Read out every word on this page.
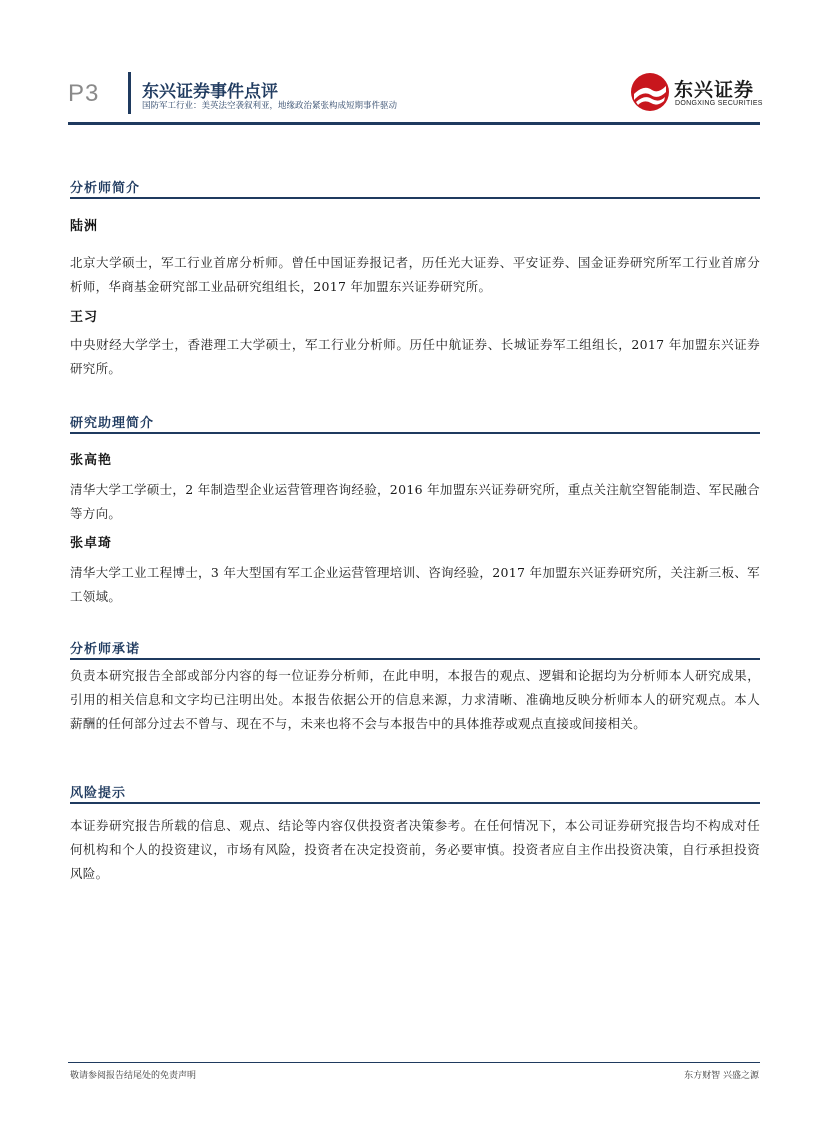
P3	东兴证券事件点评
国防军工行业：美英法空袭叙利亚，地缘政治紧张构成短期事件驱动
东兴证券
DONGXING SECURITIES
分析师简介
陆洲
北京大学硕士，军工行业首席分析师。曾任中国证券报记者，历任光大证券、平安证券、国金证券研究所军工行业首席分析师，华商基金研究部工业品研究组组长，2017 年加盟东兴证券研究所。
王习
中央财经大学学士，香港理工大学硕士，军工行业分析师。历任中航证券、长城证券军工组组长，2017 年加盟东兴证券研究所。
研究助理简介
张高艳
清华大学工学硕士，2 年制造型企业运营管理咨询经验，2016 年加盟东兴证券研究所，重点关注航空智能制造、军民融合等方向。
张卓琦
清华大学工业工程博士，3 年大型国有军工企业运营管理培训、咨询经验，2017 年加盟东兴证券研究所，关注新三板、军工领域。
分析师承诺
负责本研究报告全部或部分内容的每一位证券分析师，在此申明，本报告的观点、逻辑和论据均为分析师本人研究成果，引用的相关信息和文字均已注明出处。本报告依据公开的信息来源，力求清晰、准确地反映分析师本人的研究观点。本人薪酬的任何部分过去不曾与、现在不与，未来也将不会与本报告中的具体推荐或观点直接或间接相关。
风险提示
本证券研究报告所载的信息、观点、结论等内容仅供投资者决策参考。在任何情况下，本公司证券研究报告均不构成对任何机构和个人的投资建议，市场有风险，投资者在决定投资前，务必要审慎。投资者应自主作出投资决策，自行承担投资风险。
敬请参阅报告结尾处的免责声明	东方财智 兴盛之源
